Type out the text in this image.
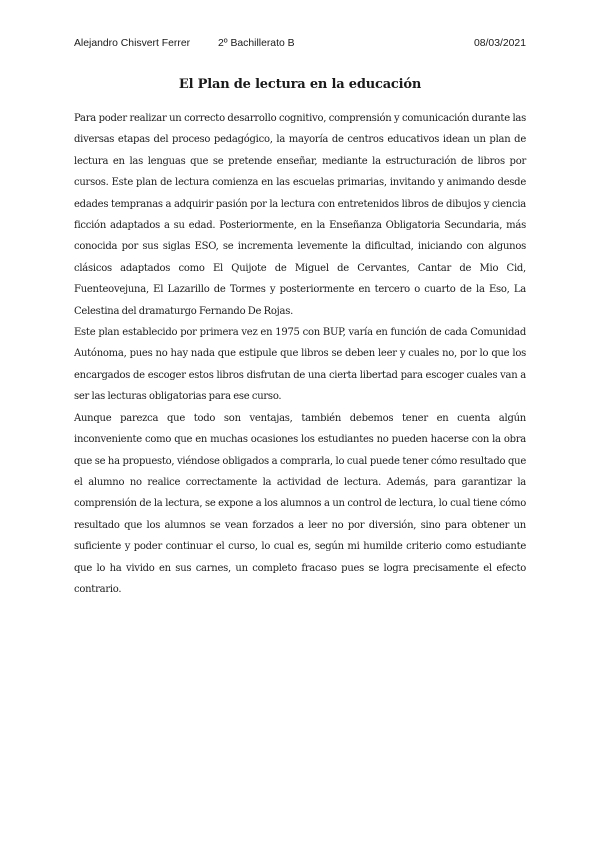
Alejandro Chisvert Ferrer	2º Bachillerato B	08/03/2021
El Plan de lectura en la educación

Para poder realizar un correcto desarrollo cognitivo, comprensión y comunicación durante las diversas etapas del proceso pedagógico, la mayoría de centros educativos idean un plan de lectura en las lenguas que se pretende enseñar, mediante la estructuración de libros por cursos. Este plan de lectura comienza en las escuelas primarias, invitando y animando desde edades tempranas a adquirir pasión por la lectura con entretenidos libros de dibujos y ciencia ficción adaptados a su edad. Posteriormente, en la Enseñanza Obligatoria Secundaria, más conocida por sus siglas ESO, se incrementa levemente la dificultad, iniciando con algunos clásicos adaptados como El Quijote de Miguel de Cervantes, Cantar de Mio Cid, Fuenteovejuna, El Lazarillo de Tormes y posteriormente en tercero o cuarto de la Eso, La Celestina del dramaturgo Fernando De Rojas.

Este plan establecido por primera vez en 1975 con BUP, varía en función de cada Comunidad Autónoma, pues no hay nada que estipule que libros se deben leer y cuales no, por lo que los encargados de escoger estos libros disfrutan de una cierta libertad para escoger cuales van a ser las lecturas obligatorias para ese curso.

Aunque parezca que todo son ventajas, también debemos tener en cuenta algún inconveniente como que en muchas ocasiones los estudiantes no pueden hacerse con la obra que se ha propuesto, viéndose obligados a comprarla, lo cual puede tener cómo resultado que el alumno no realice correctamente la actividad de lectura. Además, para garantizar la comprensión de la lectura, se expone a los alumnos a un control de lectura, lo cual tiene cómo resultado que los alumnos se vean forzados a leer no por diversión, sino para obtener un suficiente y poder continuar el curso, lo cual es, según mi humilde criterio como estudiante que lo ha vivido en sus carnes, un completo fracaso pues se logra precisamente el efecto contrario.
